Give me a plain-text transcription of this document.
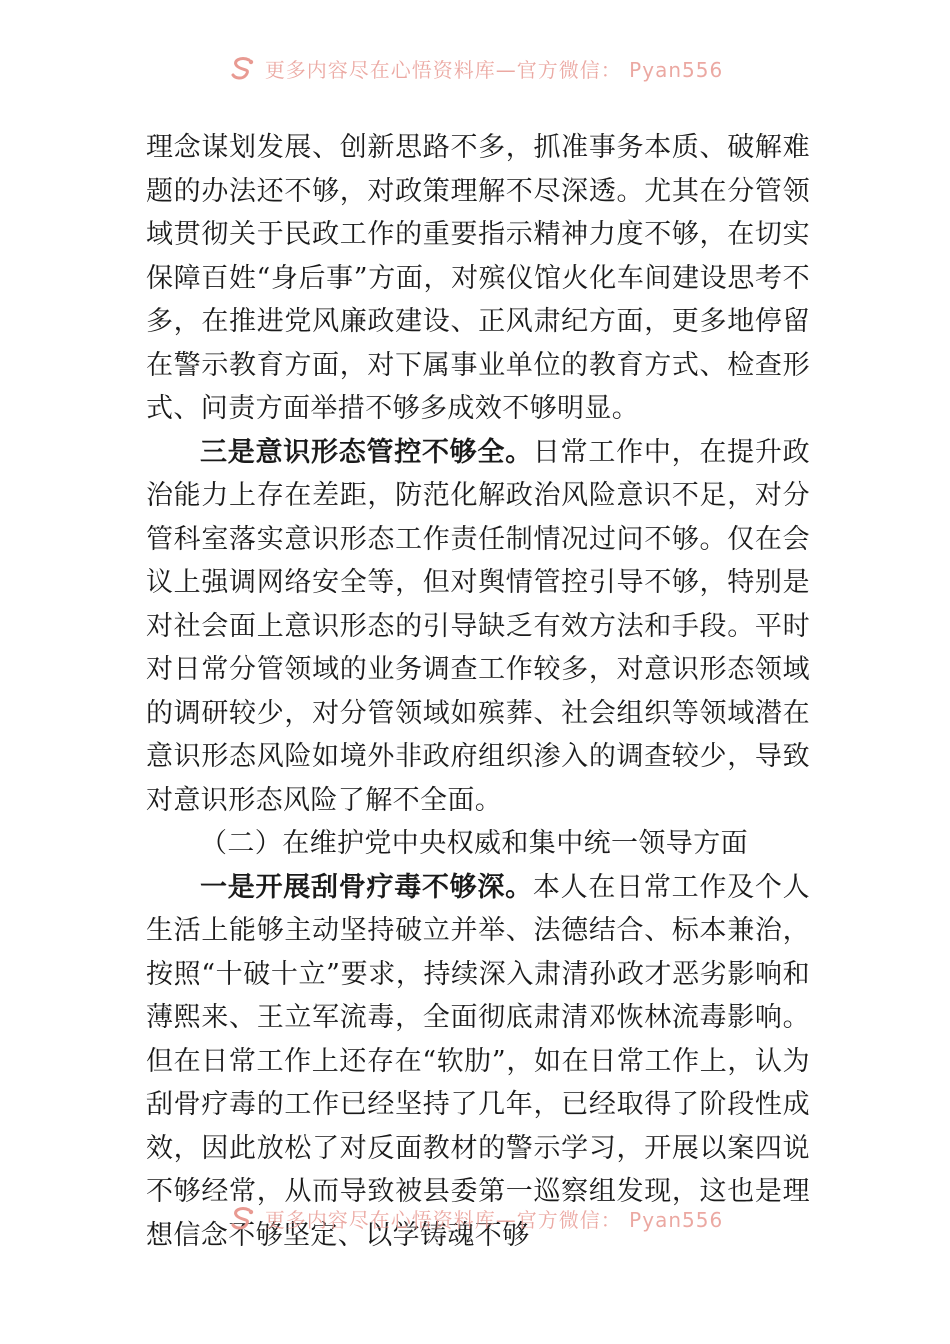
更多内容尽在心悟资料库—官方微信： Pyan556

理念谋划发展、创新思路不多，抓准事务本质、破解难题的办法还不够，对政策理解不尽深透。尤其在分管领域贯彻关于民政工作的重要指示精神力度不够，在切实保障百姓“身后事”方面，对殡仪馆火化车间建设思考不多，在推进党风廉政建设、正风肃纪方面，更多地停留在警示教育方面，对下属事业单位的教育方式、检查形式、问责方面举措不够多成效不够明显。

三是意识形态管控不够全。日常工作中，在提升政治能力上存在差距，防范化解政治风险意识不足，对分管科室落实意识形态工作责任制情况过问不够。仅在会议上强调网络安全等，但对舆情管控引导不够，特别是对社会面上意识形态的引导缺乏有效方法和手段。平时对日常分管领域的业务调查工作较多，对意识形态领域的调研较少，对分管领域如殡葬、社会组织等领域潜在意识形态风险如境外非政府组织渗入的调查较少，导致对意识形态风险了解不全面。

（二）在维护党中央权威和集中统一领导方面

一是开展刮骨疗毒不够深。本人在日常工作及个人生活上能够主动坚持破立并举、法德结合、标本兼治，按照“十破十立”要求，持续深入肃清孙政才恶劣影响和薄熙来、王立军流毒，全面彻底肃清邓恢林流毒影响。但在日常工作上还存在“软肋”，如在日常工作上，认为刮骨疗毒的工作已经坚持了几年，已经取得了阶段性成效，因此放松了对反面教材的警示学习，开展以案四说不够经常，从而导致被县委第一巡察组发现，这也是理想信念不够坚定、以学铸魂不够

更多内容尽在心悟资料库—官方微信： Pyan556
